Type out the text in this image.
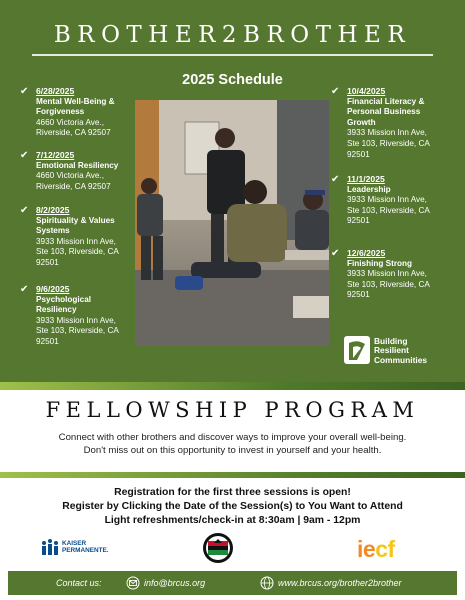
BROTHER2BROTHER
2025 Schedule
✔ 6/28/2025
Mental Well-Being & Forgiveness
4660 Victoria Ave.,
Riverside, CA 92507
✔ 7/12/2025
Emotional Resiliency
4660 Victoria Ave.,
Riverside, CA 92507
✔ 8/2/2025
Spirituality & Values Systems
3933 Mission Inn Ave,
Ste 103, Riverside, CA
92501
✔ 9/6/2025
Psychological Resiliency
3933 Mission Inn Ave,
Ste 103, Riverside, CA
92501
✔ 10/4/2025
Financial Literacy & Personal Business Growth
3933 Mission Inn Ave,
Ste 103, Riverside, CA
92501
✔ 11/1/2025
Leadership
3933 Mission Inn Ave,
Ste 103, Riverside, CA
92501
✔ 12/6/2025
Finishing Strong
3933 Mission Inn Ave,
Ste 103, Riverside, CA
92501
Building
Resilient
Communities
FELLOWSHIP PROGRAM
Connect with other brothers and discover ways to improve your overall well-being.
Don't miss out on this opportunity to invest in yourself and your health.
Registration for the first three sessions is open!
Register by Clicking the Date of the Session(s) to You Want to Attend
Light refreshments/check-in at 8:30am | 9am - 12pm
KAISER
PERMANENTE.	iecf
Contact us:	info@brcus.org	www.brcus.org/brother2brother
